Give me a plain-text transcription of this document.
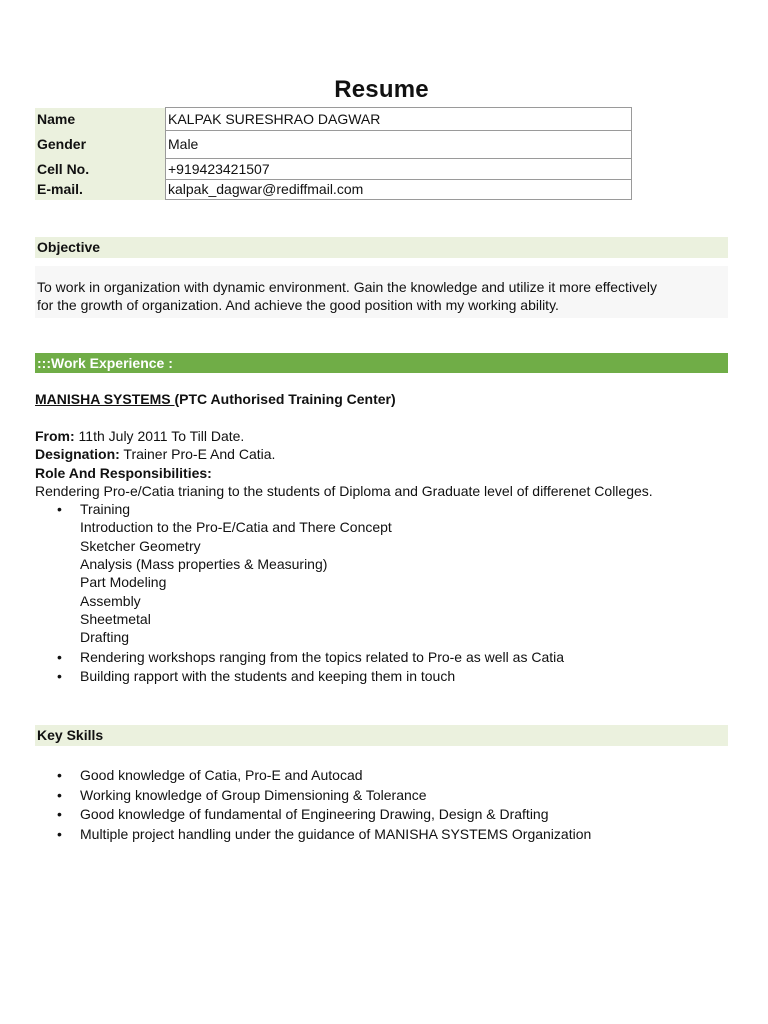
Resume
Name	KALPAK SURESHRAO DAGWAR
Gender	Male
Cell No.	+919423421507
E-mail.	kalpak_dagwar@rediffmail.com
Objective
To work in organization with dynamic environment. Gain the knowledge and utilize it more effectively
for the growth of organization. And achieve the good position with my working ability.
:::Work Experience :
MANISHA SYSTEMS (PTC Authorised Training Center)
From: 11th July 2011 To Till Date.
Designation: Trainer Pro-E And Catia.
Role And Responsibilities:
Rendering Pro-e/Catia trianing to the students of Diploma and Graduate level of differenet Colleges.
• Training
Introduction to the Pro-E/Catia and There Concept
Sketcher Geometry
Analysis (Mass properties & Measuring)
Part Modeling
Assembly
Sheetmetal
Drafting
• Rendering workshops ranging from the topics related to Pro-e as well as Catia
• Building rapport with the students and keeping them in touch
Key Skills
• Good knowledge of Catia, Pro-E and Autocad
• Working knowledge of Group Dimensioning & Tolerance
• Good knowledge of fundamental of Engineering Drawing, Design & Drafting
• Multiple project handling under the guidance of MANISHA SYSTEMS Organization
